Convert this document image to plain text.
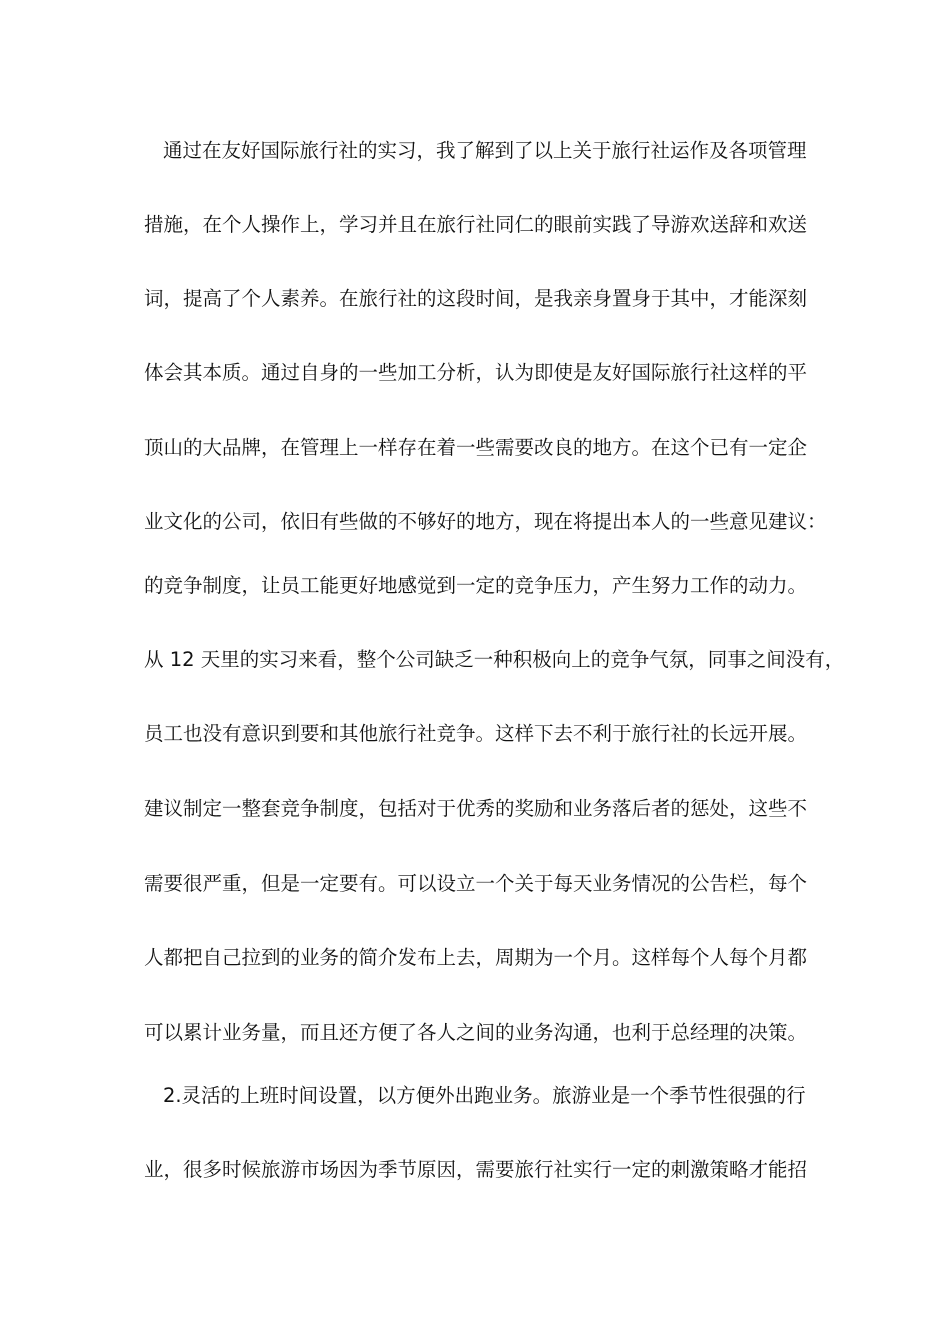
通过在友好国际旅行社的实习，我了解到了以上关于旅行社运作及各项管理
措施，在个人操作上，学习并且在旅行社同仁的眼前实践了导游欢送辞和欢送
词，提高了个人素养。在旅行社的这段时间，是我亲身置身于其中，才能深刻
体会其本质。通过自身的一些加工分析，认为即使是友好国际旅行社这样的平
顶山的大品牌，在管理上一样存在着一些需要改良的地方。在这个已有一定企
业文化的公司，依旧有些做的不够好的地方，现在将提出本人的一些意见建议：
的竞争制度，让员工能更好地感觉到一定的竞争压力，产生努力工作的动力。
从 12 天里的实习来看，整个公司缺乏一种积极向上的竞争气氛，同事之间没有，
员工也没有意识到要和其他旅行社竞争。这样下去不利于旅行社的长远开展。
建议制定一整套竞争制度，包括对于优秀的奖励和业务落后者的惩处，这些不
需要很严重，但是一定要有。可以设立一个关于每天业务情况的公告栏，每个
人都把自己拉到的业务的简介发布上去，周期为一个月。这样每个人每个月都
可以累计业务量，而且还方便了各人之间的业务沟通，也利于总经理的决策。
2.灵活的上班时间设置，以方便外出跑业务。旅游业是一个季节性很强的行
业，很多时候旅游市场因为季节原因，需要旅行社实行一定的刺激策略才能招
